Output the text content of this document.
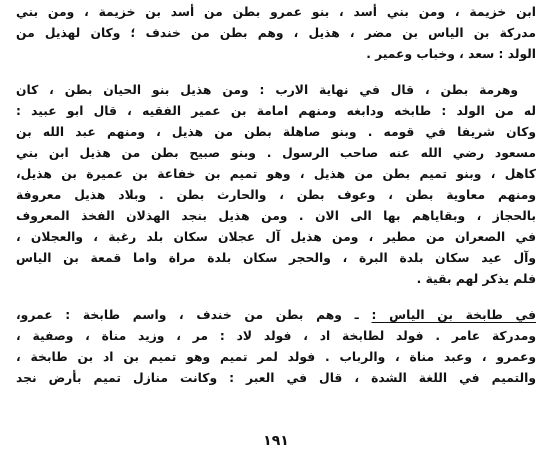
ابن خزيمة ، ومن بني أسد ، بنو عمرو بطن من أسد بن خزيمة ، ومن بني
مدركة بن الياس بن مضر ، هذيل ، وهم بطن من خندف ؛ وكان لهذيل من
الولد : سعد ، وخباب وعمير .
وهرمة بطن ، قال في نهاية الارب : ومن هذيل بنو الحيان بطن ، كان
له من الولد : طابخه ودابغه ومنهم امامة بن عمير الفقيه ، قال ابو عبيد :
وكان شريفا في قومه . وبنو صاهلة بطن من هذيل ، ومنهم عبد الله بن
مسعود رضي الله عنه صاحب الرسول . وبنو صبيح بطن من هذيل ابن بني
كاهل ، وبنو تميم بطن من هذيل ، وهو تميم بن خفاعة بن عميرة بن هذيل،
ومنهم معاوية بطن ، وعوف بطن ، والحارث بطن . وبلاد هذيل معروفة
بالحجاز ، وبقاياهم بها الى الان . ومن هذيل بنجد الهذلان الفخذ المعروف
في الصعران من مطير ، ومن هذيل آل عجلان سكان بلد رغبة ، والعجلان ،
وآل عيد سكان بلدة البرة ، والحجر سكان بلدة مراة واما قمعة بن الياس
فلم يذكر لهم بقية .
في طابخة بن الياس : ـ وهم بطن من خندف ، واسم طابخة : عمرو،
ومدركة عامر . فولد لطابخة اد ، فولد لاد : مر ، وزيد مناة ، وصفية ،
وعمرو ، وعبد مناة ، والرباب . فولد لمر تميم وهو تميم بن اد بن طابخة ،
والتميم في اللغة الشدة ، قال في العبر : وكانت منازل تميم بأرض نجد
١٩١
